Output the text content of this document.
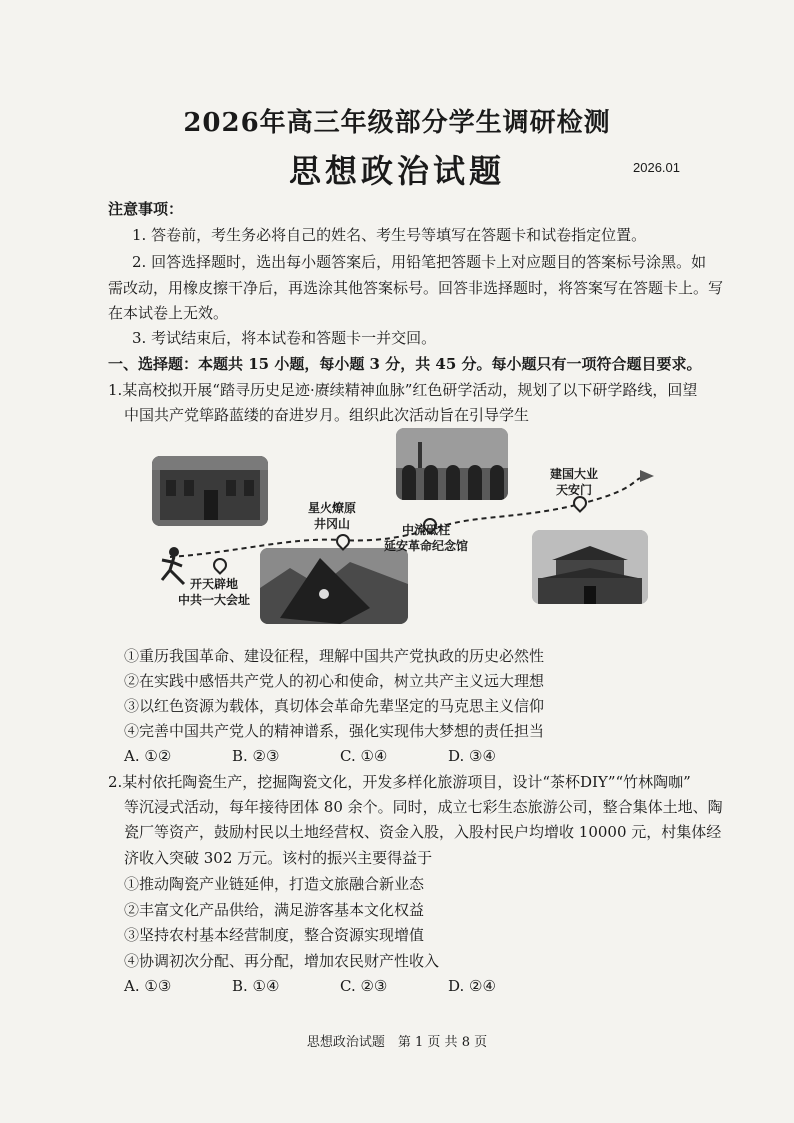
2026年高三年级部分学生调研检测
思想政治试题	2026.01
注意事项：
1. 答卷前，考生务必将自己的姓名、考生号等填写在答题卡和试卷指定位置。
2. 回答选择题时，选出每小题答案后，用铅笔把答题卡上对应题目的答案标号涂黑。如
需改动，用橡皮擦干净后，再选涂其他答案标号。回答非选择题时，将答案写在答题卡上。写
在本试卷上无效。
3. 考试结束后，将本试卷和答题卡一并交回。
一、选择题：本题共 15 小题，每小题 3 分，共 45 分。每小题只有一项符合题目要求。
1.某高校拟开展“踏寻历史足迹·赓续精神血脉”红色研学活动，规划了以下研学路线，回望
中国共产党筚路蓝缕的奋进岁月。组织此次活动旨在引导学生
开天辟地
中共一大会址
星火燎原
井冈山	中流砥柱
延安革命纪念馆
建国大业
天安门
①重历我国革命、建设征程，理解中国共产党执政的历史必然性
②在实践中感悟共产党人的初心和使命，树立共产主义远大理想
③以红色资源为载体，真切体会革命先辈坚定的马克思主义信仰
④完善中国共产党人的精神谱系，强化实现伟大梦想的责任担当
A. ①②	B. ②③	C. ①④	D. ③④
2.某村依托陶瓷生产，挖掘陶瓷文化，开发多样化旅游项目，设计“茶杯DIY”“竹林陶咖”
等沉浸式活动，每年接待团体 80 余个。同时，成立七彩生态旅游公司，整合集体土地、陶
瓷厂等资产，鼓励村民以土地经营权、资金入股，入股村民户均增收 10000 元，村集体经
济收入突破 302 万元。该村的振兴主要得益于
①推动陶瓷产业链延伸，打造文旅融合新业态
②丰富文化产品供给，满足游客基本文化权益
③坚持农村基本经营制度，整合资源实现增值
④协调初次分配、再分配，增加农民财产性收入
A. ①③	B. ①④	C. ②③	D. ②④
思想政治试题　第 1 页 共 8 页
